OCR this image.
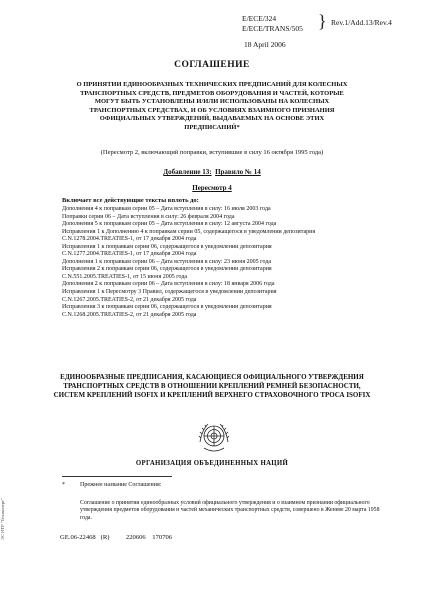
E/ECE/324
E/ECE/TRANS/505 } Rev.1/Add.13/Rev.4
18 April 2006
СОГЛАШЕНИЕ
О ПРИНЯТИИ ЕДИНООБРАЗНЫХ ТЕХНИЧЕСКИХ ПРЕДПИСАНИЙ ДЛЯ КОЛЕСНЫХ ТРАНСПОРТНЫХ СРЕДСТВ, ПРЕДМЕТОВ ОБОРУДОВАНИЯ И ЧАСТЕЙ, КОТОРЫЕ МОГУТ БЫТЬ УСТАНОВЛЕНЫ И/ИЛИ ИСПОЛЬЗОВАНЫ НА КОЛЕСНЫХ ТРАНСПОРТНЫХ СРЕДСТВАХ, И ОБ УСЛОВИЯХ ВЗАИМНОГО ПРИЗНАНИЯ ОФИЦИАЛЬНЫХ УТВЕРЖДЕНИЙ, ВЫДАВАЕМЫХ НА ОСНОВЕ ЭТИХ ПРЕДПИСАНИЙ*
(Пересмотр 2, включающий поправки, вступившие в силу 16 октября 1995 года)
Добавление 13: Правило № 14
Пересмотр 4
Включает все действующие тексты вплоть до:
Дополнения 4 к поправкам серии 05 – Дата вступления в силу: 16 июля 2003 года
Поправки серии 06 – Дата вступления в силу: 26 февраля 2004 года
Дополнения 5 к поправкам серии 05 – Дата вступления в силу: 12 августа 2004 года
Исправления 1 к Дополнению 4 к поправкам серии 05, содержащегося в уведомлении депозитария
C.N.1278.2004.TREATIES-1, от 17 декабря 2004 года
Исправления 1 к поправкам серии 06, содержащегося в уведомлении депозитария
C.N.1277.2004.TREATIES-1, от 17 декабря 2004 года
Дополнения 1 к поправкам серии 06 – Дата вступления в силу: 23 июня 2005 года
Исправления 2 к поправкам серии 06, содержащегося в уведомлении депозитария
C.N.551.2005.TREATIES-1, от 15 июня 2005 года
Дополнения 2 к поправкам серии 06 – Дата вступления в силу: 18 января 2006 года
Исправления 1 к Пересмотру 3 Правил, содержащегося в уведомлении депозитария
C.N.1267.2005.TREATIES-2, от 21 декабря 2005 года
Исправления 3 к поправкам серии 06, содержащегося в уведомлении депозитария
C.N.1268.2005.TREATIES-2, от 21 декабря 2005 года
ЕДИНООБРАЗНЫЕ ПРЕДПИСАНИЯ, КАСАЮЩИЕСЯ ОФИЦИАЛЬНОГО УТВЕРЖДЕНИЯ ТРАНСПОРТНЫХ СРЕДСТВ В ОТНОШЕНИИ КРЕПЛЕНИЙ РЕМНЕЙ БЕЗОПАСНОСТИ, СИСТЕМ КРЕПЛЕНИЙ ISOFIX И КРЕПЛЕНИЙ ВЕРХНЕГО СТРАХОВОЧНОГО ТРОСА ISOFIX
ОРГАНИЗАЦИЯ ОБЪЕДИНЕННЫХ НАЦИЙ
*	Прежнее название Соглашения:
Соглашение о принятии единообразных условий официального утверждения и о взаимном признании официального утверждения предметов оборудования и частей механических транспортных средств, совершено в Женеве 20 марта 1958 года.
GE.06-22468   (R)          220606    170706
ЭС НТР "Техэксперт"
